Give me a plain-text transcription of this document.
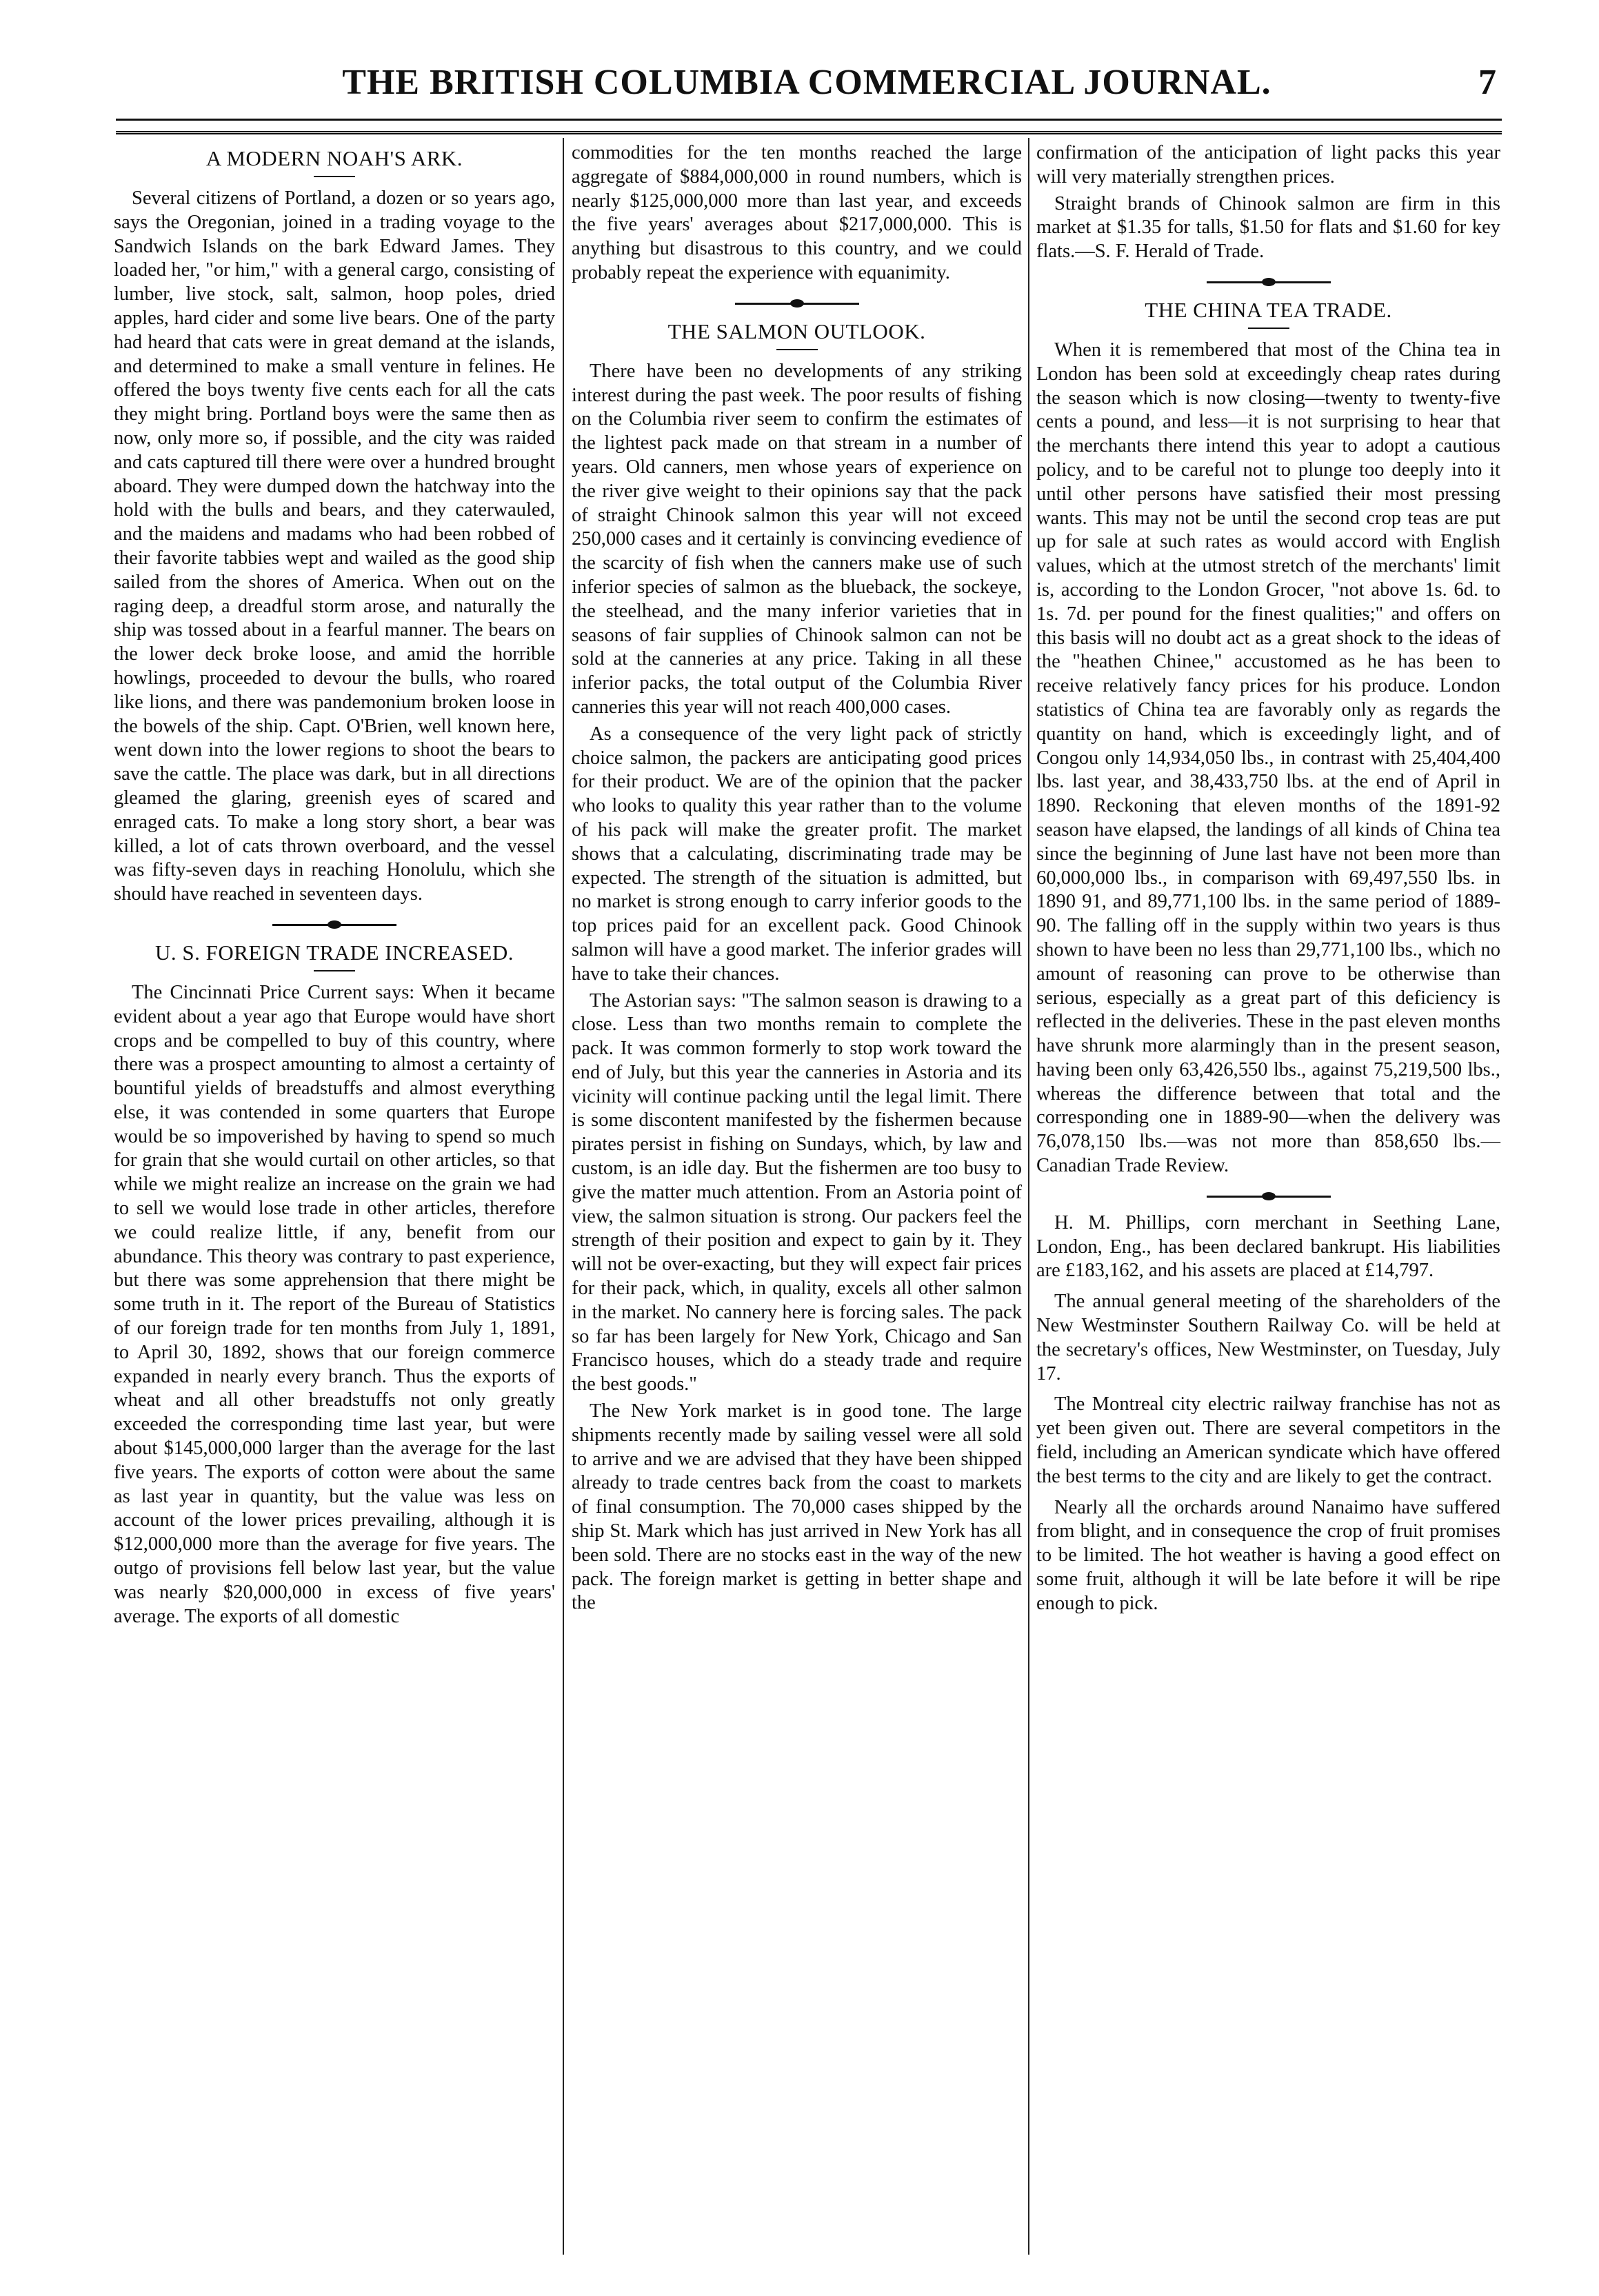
THE BRITISH COLUMBIA COMMERCIAL JOURNAL.	7
A MODERN NOAH'S ARK.

Several citizens of Portland, a dozen or so years ago, says the Oregonian, joined in a trading voyage to the Sandwich Islands on the bark Edward James. They loaded her, "or him," with a general cargo, consisting of lumber, live stock, salt, salmon, hoop poles, dried apples, hard cider and some live bears. One of the party had heard that cats were in great demand at the islands, and determined to make a small venture in felines. He offered the boys twenty five cents each for all the cats they might bring. Portland boys were the same then as now, only more so, if possible, and the city was raided and cats captured till there were over a hundred brought aboard. They were dumped down the hatchway into the hold with the bulls and bears, and they caterwauled, and the maidens and madams who had been robbed of their favorite tabbies wept and wailed as the good ship sailed from the shores of America. When out on the raging deep, a dreadful storm arose, and naturally the ship was tossed about in a fearful manner. The bears on the lower deck broke loose, and amid the horrible howlings, proceeded to devour the bulls, who roared like lions, and there was pandemonium broken loose in the bowels of the ship. Capt. O'Brien, well known here, went down into the lower regions to shoot the bears to save the cattle. The place was dark, but in all directions gleamed the glaring, greenish eyes of scared and enraged cats. To make a long story short, a bear was killed, a lot of cats thrown overboard, and the vessel was fifty-seven days in reaching Honolulu, which she should have reached in seventeen days.

U. S. FOREIGN TRADE INCREASED.

The Cincinnati Price Current says: When it became evident about a year ago that Europe would have short crops and be compelled to buy of this country, where there was a prospect amounting to almost a certainty of bountiful yields of breadstuffs and almost everything else, it was contended in some quarters that Europe would be so impoverished by having to spend so much for grain that she would curtail on other articles, so that while we might realize an increase on the grain we had to sell we would lose trade in other articles, therefore we could realize little, if any, benefit from our abundance. This theory was contrary to past experience, but there was some apprehension that there might be some truth in it. The report of the Bureau of Statistics of our foreign trade for ten months from July 1, 1891, to April 30, 1892, shows that our foreign commerce expanded in nearly every branch. Thus the exports of wheat and all other breadstuffs not only greatly exceeded the corresponding time last year, but were about $145,000,000 larger than the average for the last five years. The exports of cotton were about the same as last year in quantity, but the value was less on account of the lower prices prevailing, although it is $12,000,000 more than the average for five years. The outgo of provisions fell below last year, but the value was nearly $20,000,000 in excess of five years' average. The exports of all domestic

commodities for the ten months reached the large aggregate of $884,000,000 in round numbers, which is nearly $125,000,000 more than last year, and exceeds the five years' averages about $217,000,000. This is anything but disastrous to this country, and we could probably repeat the experience with equanimity.

THE SALMON OUTLOOK.

There have been no developments of any striking interest during the past week. The poor results of fishing on the Columbia river seem to confirm the estimates of the lightest pack made on that stream in a number of years. Old canners, men whose years of experience on the river give weight to their opinions say that the pack of straight Chinook salmon this year will not exceed 250,000 cases and it certainly is convincing evedience of the scarcity of fish when the canners make use of such inferior species of salmon as the blueback, the sockeye, the steelhead, and the many inferior varieties that in seasons of fair supplies of Chinook salmon can not be sold at the canneries at any price. Taking in all these inferior packs, the total output of the Columbia River canneries this year will not reach 400,000 cases.

As a consequence of the very light pack of strictly choice salmon, the packers are anticipating good prices for their product. We are of the opinion that the packer who looks to quality this year rather than to the volume of his pack will make the greater profit. The market shows that a calculating, discriminating trade may be expected. The strength of the situation is admitted, but no market is strong enough to carry inferior goods to the top prices paid for an excellent pack. Good Chinook salmon will have a good market. The inferior grades will have to take their chances.

The Astorian says: "The salmon season is drawing to a close. Less than two months remain to complete the pack. It was common formerly to stop work toward the end of July, but this year the canneries in Astoria and its vicinity will continue packing until the legal limit. There is some discontent manifested by the fishermen because pirates persist in fishing on Sundays, which, by law and custom, is an idle day. But the fishermen are too busy to give the matter much attention. From an Astoria point of view, the salmon situation is strong. Our packers feel the strength of their position and expect to gain by it. They will not be over-exacting, but they will expect fair prices for their pack, which, in quality, excels all other salmon in the market. No cannery here is forcing sales. The pack so far has been largely for New York, Chicago and San Francisco houses, which do a steady trade and require the best goods."

The New York market is in good tone. The large shipments recently made by sailing vessel were all sold to arrive and we are advised that they have been shipped already to trade centres back from the coast to markets of final consumption. The 70,000 cases shipped by the ship St. Mark which has just arrived in New York has all been sold. There are no stocks east in the way of the new pack. The foreign market is getting in better shape and the

confirmation of the anticipation of light packs this year will very materially strengthen prices.

Straight brands of Chinook salmon are firm in this market at $1.35 for talls, $1.50 for flats and $1.60 for key flats.—S. F. Herald of Trade.

THE CHINA TEA TRADE.

When it is remembered that most of the China tea in London has been sold at exceedingly cheap rates during the season which is now closing—twenty to twenty-five cents a pound, and less—it is not surprising to hear that the merchants there intend this year to adopt a cautious policy, and to be careful not to plunge too deeply into it until other persons have satisfied their most pressing wants. This may not be until the second crop teas are put up for sale at such rates as would accord with English values, which at the utmost stretch of the merchants' limit is, according to the London Grocer, "not above 1s. 6d. to 1s. 7d. per pound for the finest qualities;" and offers on this basis will no doubt act as a great shock to the ideas of the "heathen Chinee," accustomed as he has been to receive relatively fancy prices for his produce. London statistics of China tea are favorably only as regards the quantity on hand, which is exceedingly light, and of Congou only 14,934,050 lbs., in contrast with 25,404,400 lbs. last year, and 38,433,750 lbs. at the end of April in 1890. Reckoning that eleven months of the 1891-92 season have elapsed, the landings of all kinds of China tea since the beginning of June last have not been more than 60,000,000 lbs., in comparison with 69,497,550 lbs. in 1890 91, and 89,771,100 lbs. in the same period of 1889-90. The falling off in the supply within two years is thus shown to have been no less than 29,771,100 lbs., which no amount of reasoning can prove to be otherwise than serious, especially as a great part of this deficiency is reflected in the deliveries. These in the past eleven months have shrunk more alarmingly than in the present season, having been only 63,426,550 lbs., against 75,219,500 lbs., whereas the difference between that total and the corresponding one in 1889-90—when the delivery was 76,078,150 lbs.—was not more than 858,650 lbs.—Canadian Trade Review.

H. M. Phillips, corn merchant in Seething Lane, London, Eng., has been declared bankrupt. His liabilities are £183,162, and his assets are placed at £14,797.

The annual general meeting of the shareholders of the New Westminster Southern Railway Co. will be held at the secretary's offices, New Westminster, on Tuesday, July 17.

The Montreal city electric railway franchise has not as yet been given out. There are several competitors in the field, including an American syndicate which have offered the best terms to the city and are likely to get the contract.

Nearly all the orchards around Nanaimo have suffered from blight, and in consequence the crop of fruit promises to be limited. The hot weather is having a good effect on some fruit, although it will be late before it will be ripe enough to pick.
